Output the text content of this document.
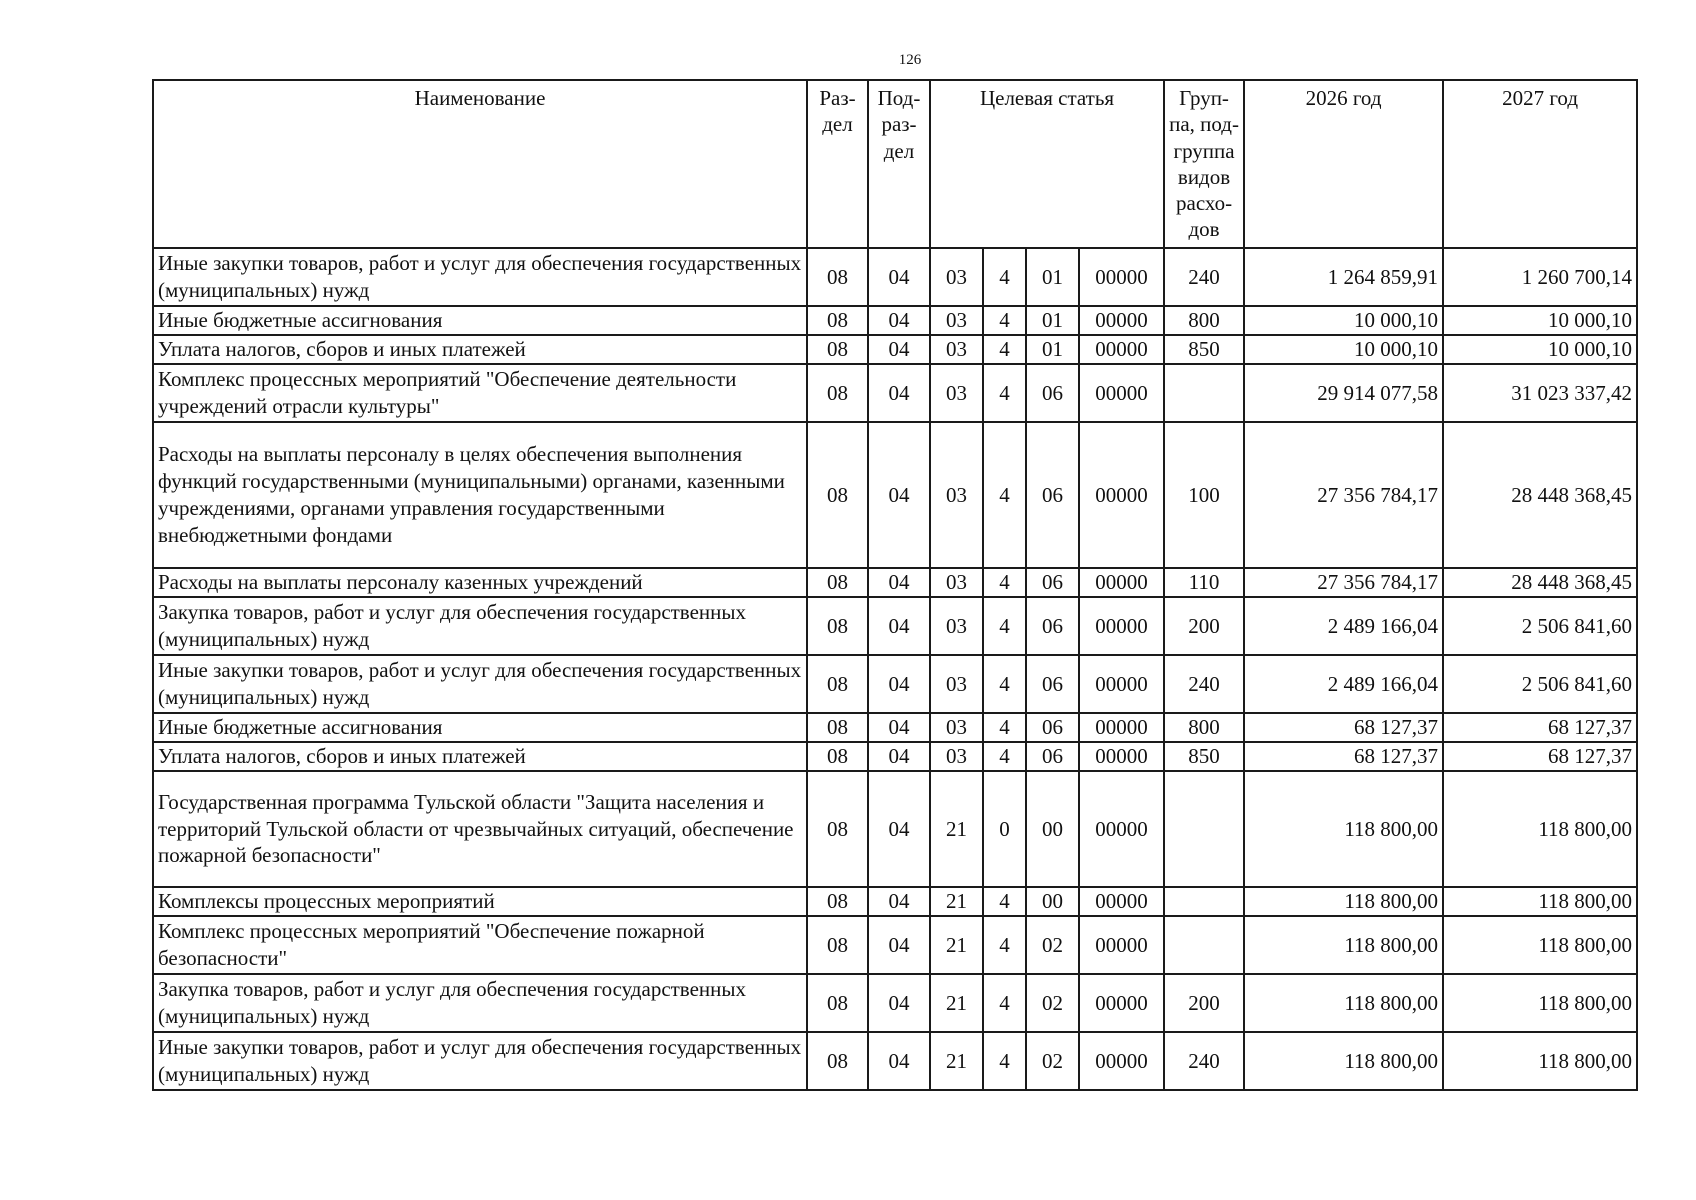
126
Наименование	Раз-дел	Под-раз-дел	Целевая статья				Груп-па, под-группа видов расхо-дов	2026 год	2027 год
Иные закупки товаров, работ и услуг для обеспечения государственных (муниципальных) нужд	08	04	03	4	01	00000	240	1 264 859,91	1 260 700,14
Иные бюджетные ассигнования	08	04	03	4	01	00000	800	10 000,10	10 000,10
Уплата налогов, сборов и иных платежей	08	04	03	4	01	00000	850	10 000,10	10 000,10
Комплекс процессных мероприятий "Обеспечение деятельности учреждений отрасли культуры"	08	04	03	4	06	00000		29 914 077,58	31 023 337,42
Расходы на выплаты персоналу в целях обеспечения выполнения функций государственными (муниципальными) органами, казенными учреждениями, органами управления государственными внебюджетными фондами	08	04	03	4	06	00000	100	27 356 784,17	28 448 368,45
Расходы на выплаты персоналу казенных учреждений	08	04	03	4	06	00000	110	27 356 784,17	28 448 368,45
Закупка товаров, работ и услуг для обеспечения государственных (муниципальных) нужд	08	04	03	4	06	00000	200	2 489 166,04	2 506 841,60
Иные закупки товаров, работ и услуг для обеспечения государственных (муниципальных) нужд	08	04	03	4	06	00000	240	2 489 166,04	2 506 841,60
Иные бюджетные ассигнования	08	04	03	4	06	00000	800	68 127,37	68 127,37
Уплата налогов, сборов и иных платежей	08	04	03	4	06	00000	850	68 127,37	68 127,37
Государственная программа Тульской области "Защита населения и территорий Тульской области от чрезвычайных ситуаций, обеспечение пожарной безопасности"	08	04	21	0	00	00000		118 800,00	118 800,00
Комплексы процессных мероприятий	08	04	21	4	00	00000		118 800,00	118 800,00
Комплекс процессных мероприятий "Обеспечение пожарной безопасности"	08	04	21	4	02	00000		118 800,00	118 800,00
Закупка товаров, работ и услуг для обеспечения государственных (муниципальных) нужд	08	04	21	4	02	00000	200	118 800,00	118 800,00
Иные закупки товаров, работ и услуг для обеспечения государственных (муниципальных) нужд	08	04	21	4	02	00000	240	118 800,00	118 800,00
